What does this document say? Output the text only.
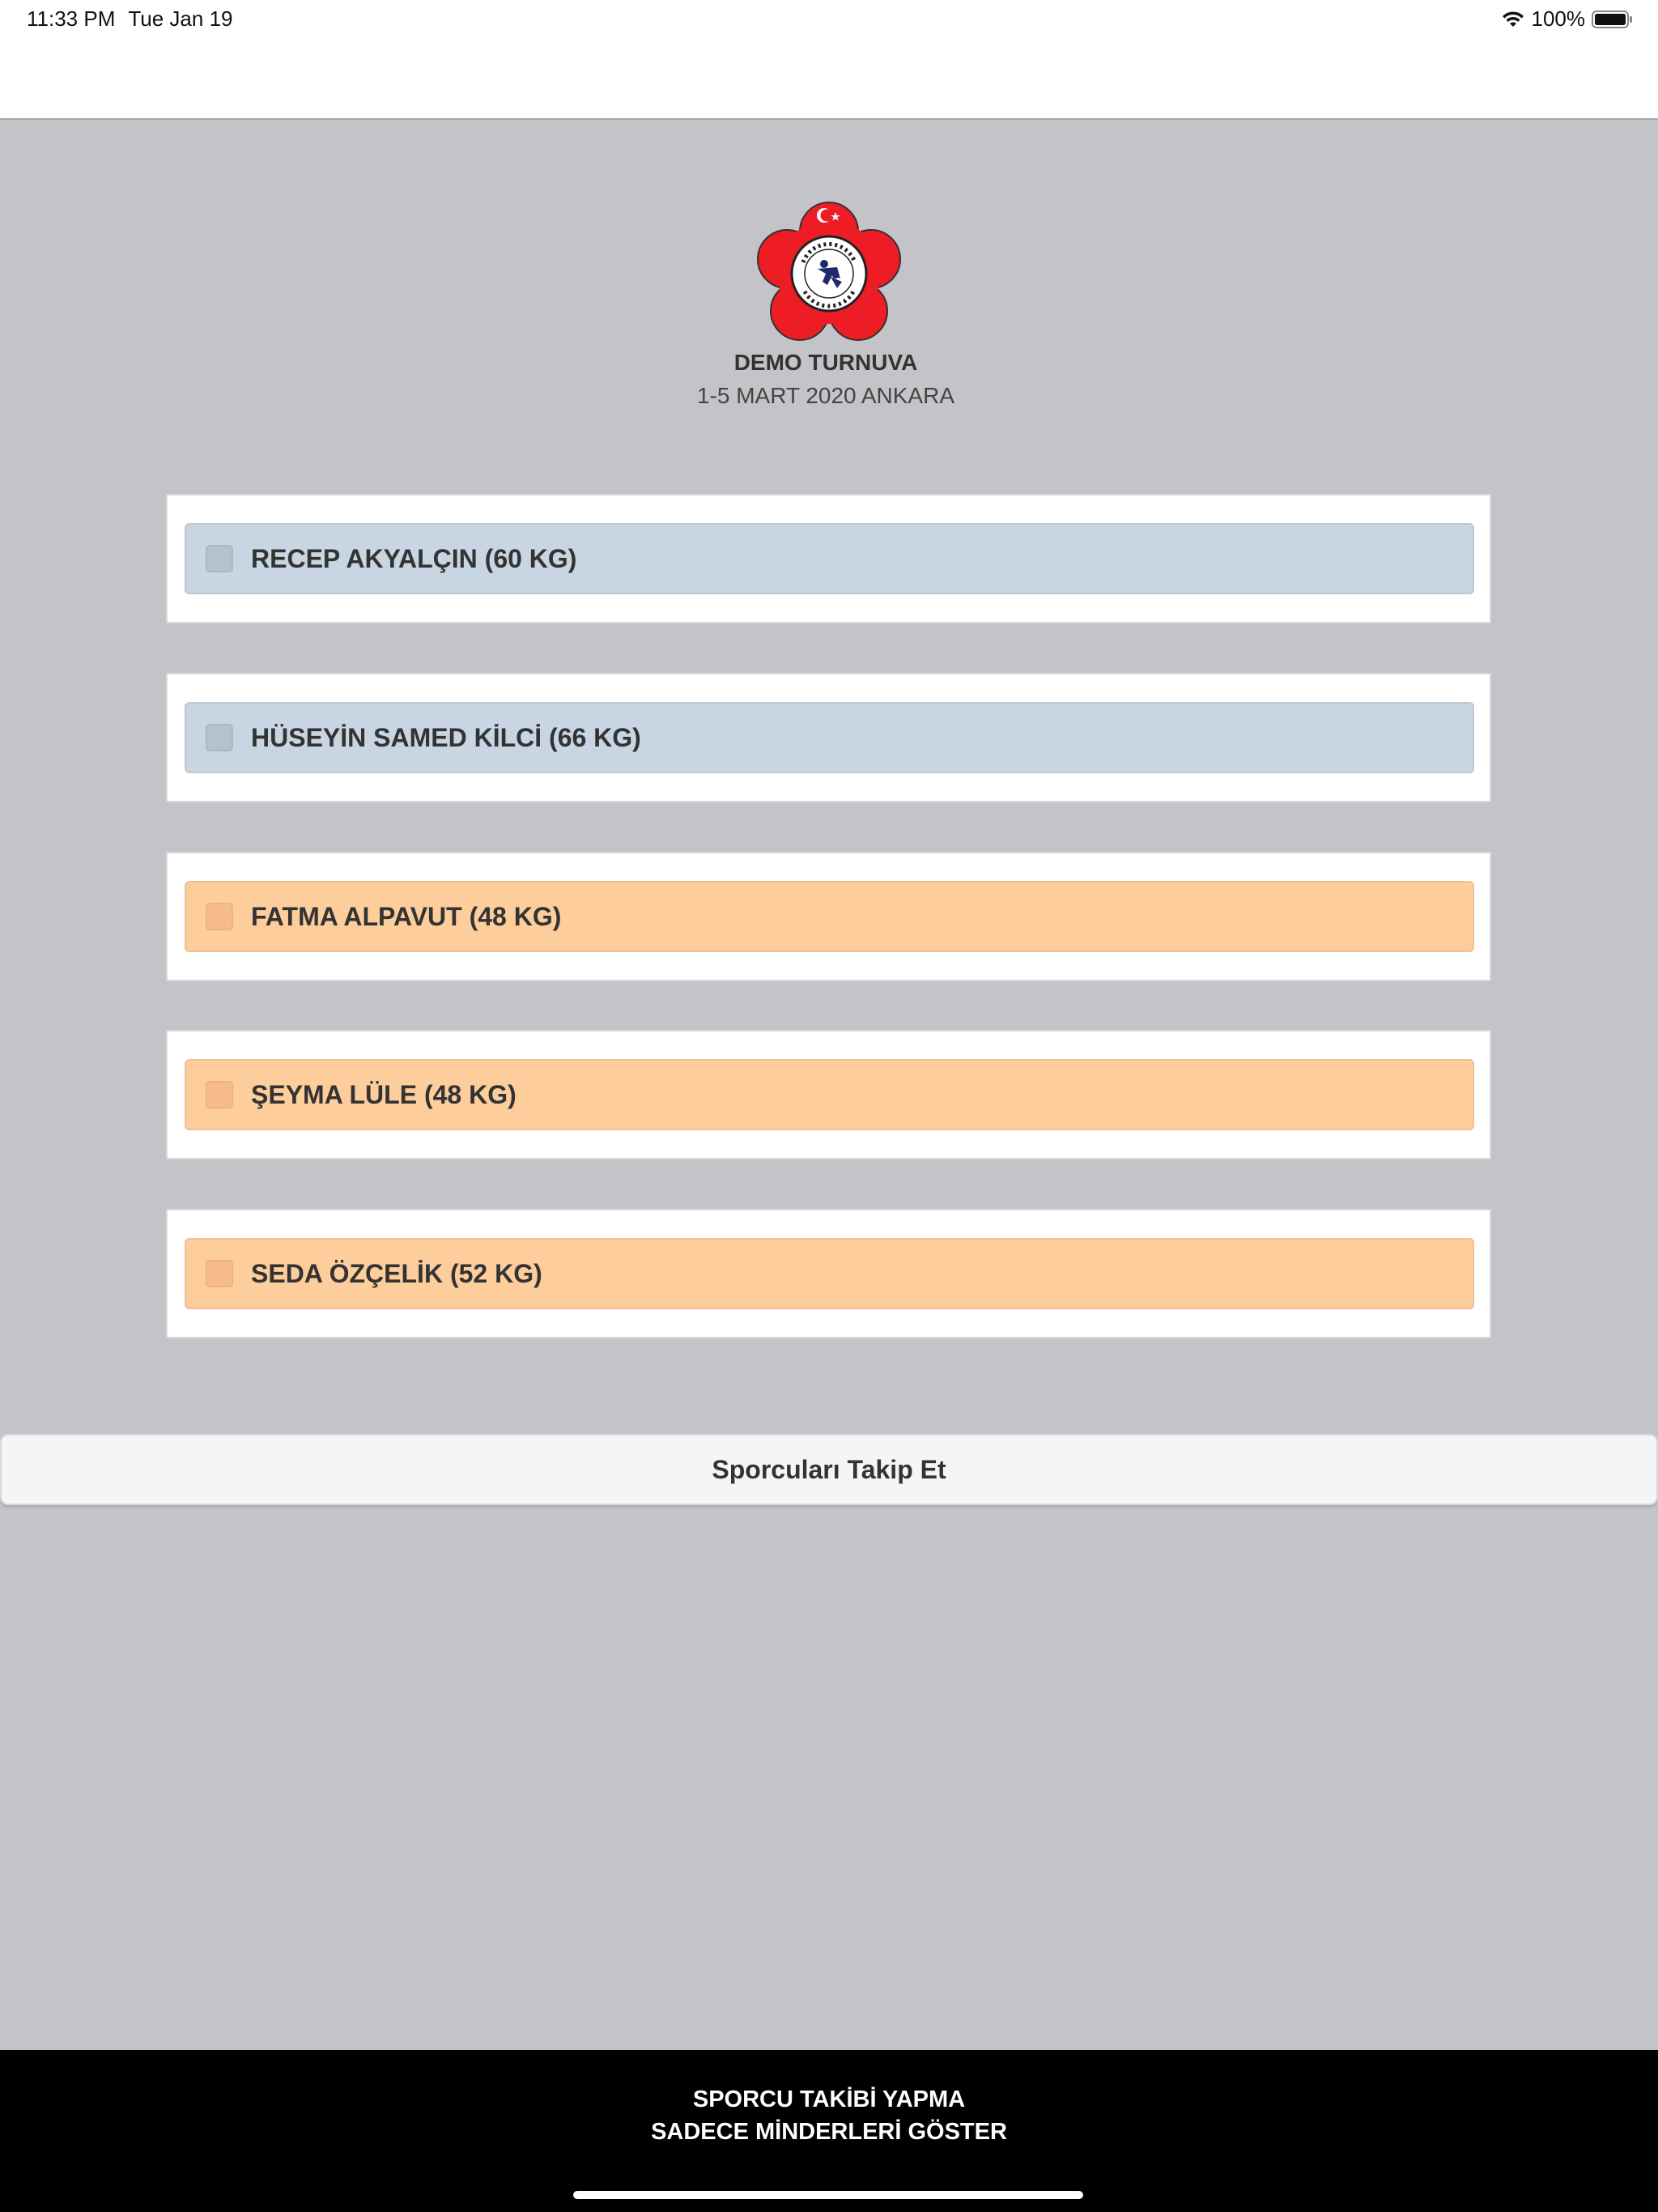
11:33 PM Tue Jan 19	100%
DEMO TURNUVA
1-5 MART 2020 ANKARA
RECEP AKYALÇIN (60 KG)
HÜSEYİN SAMED KİLCİ (66 KG)
FATMA ALPAVUT (48 KG)
ŞEYMA LÜLE (48 KG)
SEDA ÖZÇELİK (52 KG)
Sporcuları Takip Et
SPORCU TAKİBİ YAPMA
SADECE MİNDERLERİ GÖSTER
